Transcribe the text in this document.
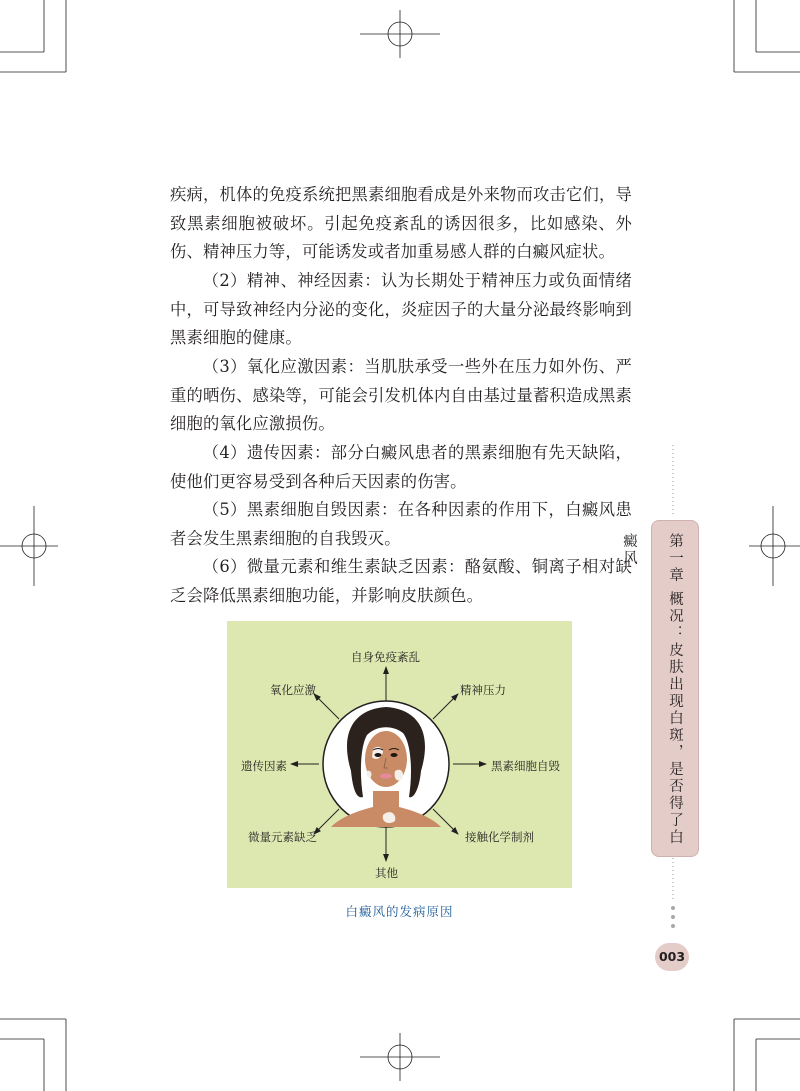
疾病，机体的免疫系统把黑素细胞看成是外来物而攻击它们，导致黑素细胞被破坏。引起免疫紊乱的诱因很多，比如感染、外伤、精神压力等，可能诱发或者加重易感人群的白癜风症状。

（2）精神、神经因素：认为长期处于精神压力或负面情绪中，可导致神经内分泌的变化，炎症因子的大量分泌最终影响到黑素细胞的健康。

（3）氧化应激因素：当肌肤承受一些外在压力如外伤、严重的晒伤、感染等，可能会引发机体内自由基过量蓄积造成黑素细胞的氧化应激损伤。

（4）遗传因素：部分白癜风患者的黑素细胞有先天缺陷，使他们更容易受到各种后天因素的伤害。

（5）黑素细胞自毁因素：在各种因素的作用下，白癜风患者会发生黑素细胞的自我毁灭。

（6）微量元素和维生素缺乏因素：酪氨酸、铜离子相对缺乏会降低黑素细胞功能，并影响皮肤颜色。

自身免疫紊乱
精神压力
黑素细胞自毁
接触化学制剂
其他
微量元素缺乏
遗传因素
氧化应激
白癜风的发病原因
第一章 概况：皮肤出现白斑，是否得了白癜风
003
